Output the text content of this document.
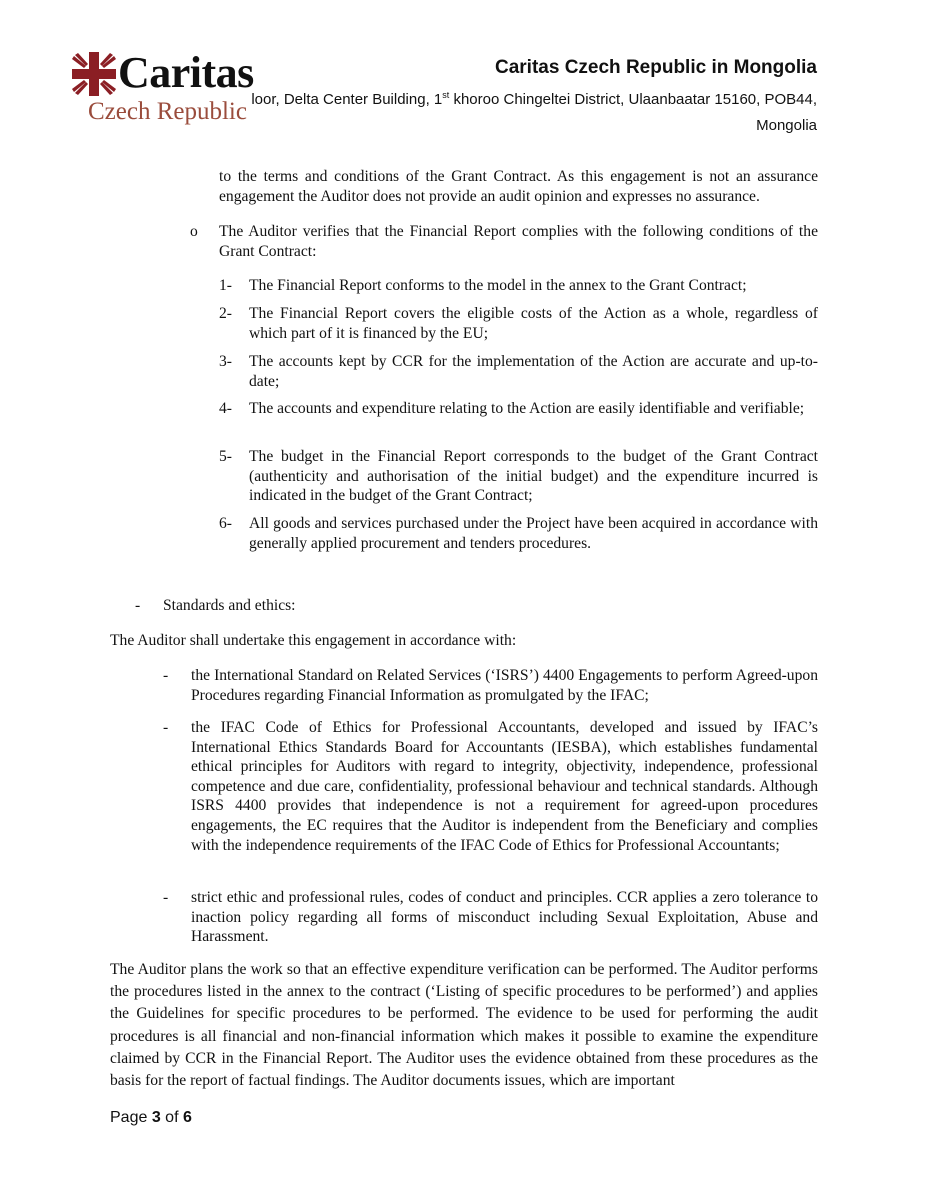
Caritas
Czech Republic
Caritas Czech Republic in Mongolia
loor, Delta Center Building, 1st khoroo Chingeltei District, Ulaanbaatar 15160, POB44,
Mongolia
to the terms and conditions of the Grant Contract. As this engagement is not an assurance engagement the Auditor does not provide an audit opinion and expresses no assurance.
o The Auditor verifies that the Financial Report complies with the following conditions of the Grant Contract:
1- The Financial Report conforms to the model in the annex to the Grant Contract;
2- The Financial Report covers the eligible costs of the Action as a whole, regardless of which part of it is financed by the EU;
3- The accounts kept by CCR for the implementation of the Action are accurate and up-to-date;
4- The accounts and expenditure relating to the Action are easily identifiable and verifiable;
5- The budget in the Financial Report corresponds to the budget of the Grant Contract (authenticity and authorisation of the initial budget) and the expenditure incurred is indicated in the budget of the Grant Contract;
6- All goods and services purchased under the Project have been acquired in accordance with generally applied procurement and tenders procedures.
- Standards and ethics:
The Auditor shall undertake this engagement in accordance with:
- the International Standard on Related Services (‘ISRS’) 4400 Engagements to perform Agreed-upon Procedures regarding Financial Information as promulgated by the IFAC;
- the IFAC Code of Ethics for Professional Accountants, developed and issued by IFAC’s International Ethics Standards Board for Accountants (IESBA), which establishes fundamental ethical principles for Auditors with regard to integrity, objectivity, independence, professional competence and due care, confidentiality, professional behaviour and technical standards. Although ISRS 4400 provides that independence is not a requirement for agreed-upon procedures engagements, the EC requires that the Auditor is independent from the Beneficiary and complies with the independence requirements of the IFAC Code of Ethics for Professional Accountants;
- strict ethic and professional rules, codes of conduct and principles. CCR applies a zero tolerance to inaction policy regarding all forms of misconduct including Sexual Exploitation, Abuse and Harassment.
The Auditor plans the work so that an effective expenditure verification can be performed. The Auditor performs the procedures listed in the annex to the contract (‘Listing of specific procedures to be performed’) and applies the Guidelines for specific procedures to be performed. The evidence to be used for performing the audit procedures is all financial and non-financial information which makes it possible to examine the expenditure claimed by CCR in the Financial Report. The Auditor uses the evidence obtained from these procedures as the basis for the report of factual findings. The Auditor documents issues, which are important
Page 3 of 6
